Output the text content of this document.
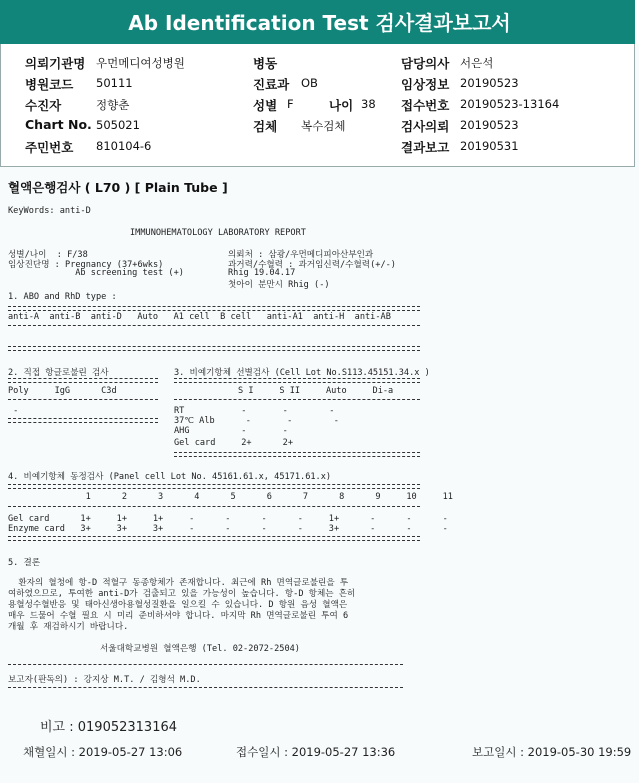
Ab Identification Test 검사결과보고서
의뢰기관명 우먼메디여성병원	병동	담당의사 서은석
병원코드 50111	진료과 OB	임상정보 20190523
수진자	정향춘	성별 F	나이 38 접수번호 20190523-13164
Chart No. 505021	검체 복수검체	검사의뢰 20190523
주민번호 810104-6	결과보고 20190531
혈액은행검사 ( L70 ) [ Plain Tube ]
KeyWords: anti-D
IMMUNOHEMATOLOGY LABORATORY REPORT
성별/나이  : F/38
임상진단명 : Pregnancy (37+6wks)
Ab screening test (+)
의뢰처 : 삼광/우먼메디피아산부인과
과거력/수혈력 : 과거임신력/수혈력(+/-)
Rhig 19.04.17
첫아이 분만시 Rhig (-)
1. ABO and RhD type :
anti-A  anti-B  anti-D   Auto   A1 cell  B cell   anti-A1  anti-H  anti-AB
2. 직접 항글로불린 검사	3. 비예기항체 선별검사 (Cell Lot No.S113.45151.34.x )
Poly     IgG      C3d	S I     S II     Auto     Di-a
-	RT           -       -        -
37℃ Alb      -       -        -
AHG          -       -
Gel card     2+      2+
4. 비예기항체 동정검사 (Panel cell Lot No. 45161.61.x, 45171.61.x)
1      2      3      4      5      6      7      8      9     10     11
Gel card      1+     1+     1+     -      -      -      -     1+      -      -      -
Enzyme card   3+     3+     3+     -      -      -      -     3+      -      -      -
5. 결론
환자의 혈청에 항-D 적혈구 동종항체가 존재합니다. 최근에 Rh 면역글로불린을 투
여하였으므로, 투여한 anti-D가 검출되고 있을 가능성이 높습니다. 항-D 항체는 흔히
용혈성수혈반응 및 태아신생아용혈성질환을 일으킬 수 있습니다. D 항원 음성 혈액은
매우 드물어 수혈 필요 시 미리 준비하셔야 합니다. 마지막 Rh 면역글로불린 투여 6
개월 후 재검하시기 바랍니다.
서울대학교병원 혈액은행 (Tel. 02-2072-2504)
보고자(판독의) : 강지상 M.T. / 김형석 M.D.
비고 : 019052313164
채혈일시 : 2019-05-27 13:06	접수일시 : 2019-05-27 13:36	보고일시 : 2019-05-30 19:59
